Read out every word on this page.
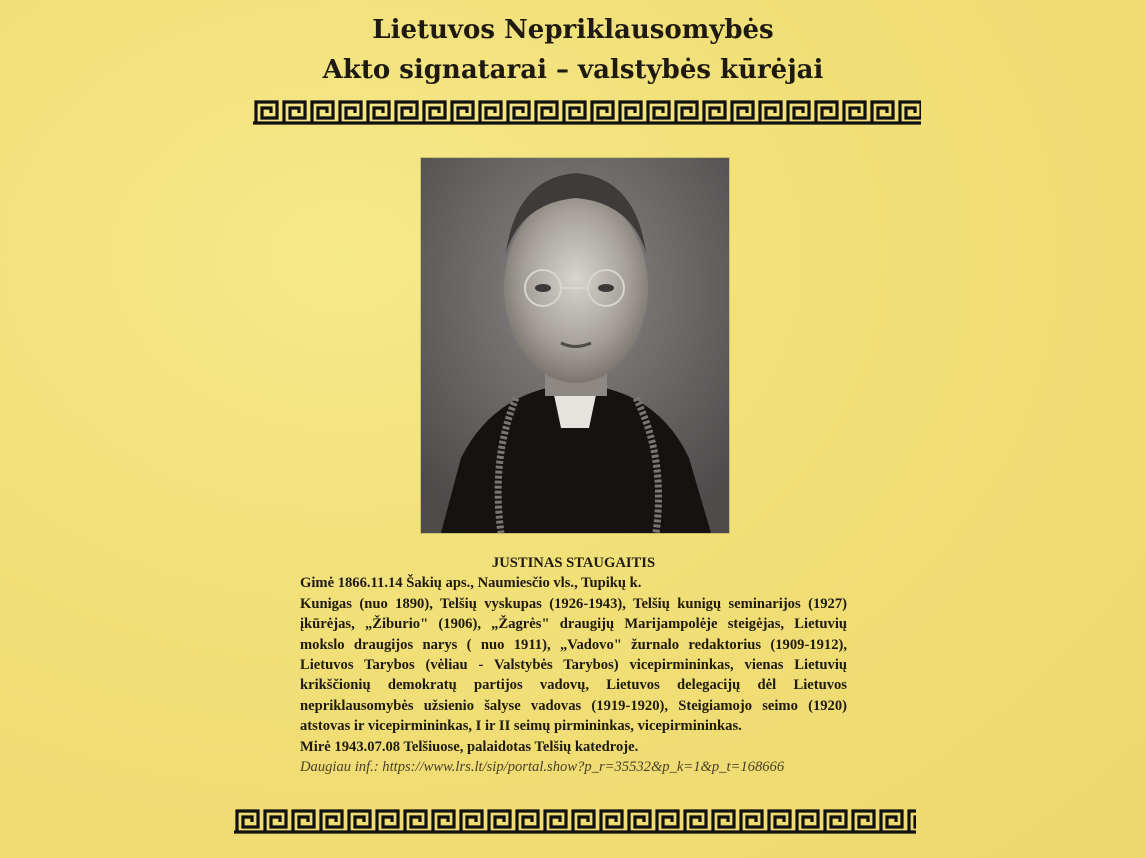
Lietuvos Nepriklausomybės
Akto signatarai – valstybės kūrėjai

JUSTINAS STAUGAITIS

Gimė 1866.11.14 Šakių aps., Naumiesčio vls., Tupikų k.

Kunigas (nuo 1890), Telšių vyskupas (1926-1943), Telšių kunigų seminarijos (1927) įkūrėjas, „Žiburio" (1906), „Žagrės" draugijų Marijampolėje steigėjas, Lietuvių mokslo draugijos narys ( nuo 1911), „Vadovo" žurnalo redaktorius (1909-1912), Lietuvos Tarybos (vėliau - Valstybės Tarybos) vicepirmininkas, vienas Lietuvių krikščionių demokratų partijos vadovų, Lietuvos delegacijų dėl Lietuvos nepriklausomybės užsienio šalyse vadovas (1919-1920), Steigiamojo seimo (1920) atstovas ir vicepirmininkas, I ir II seimų pirmininkas, vicepirmininkas.

Mirė 1943.07.08 Telšiuose, palaidotas Telšių katedroje.

Daugiau inf.: https://www.lrs.lt/sip/portal.show?p_r=35532&p_k=1&p_t=168666
